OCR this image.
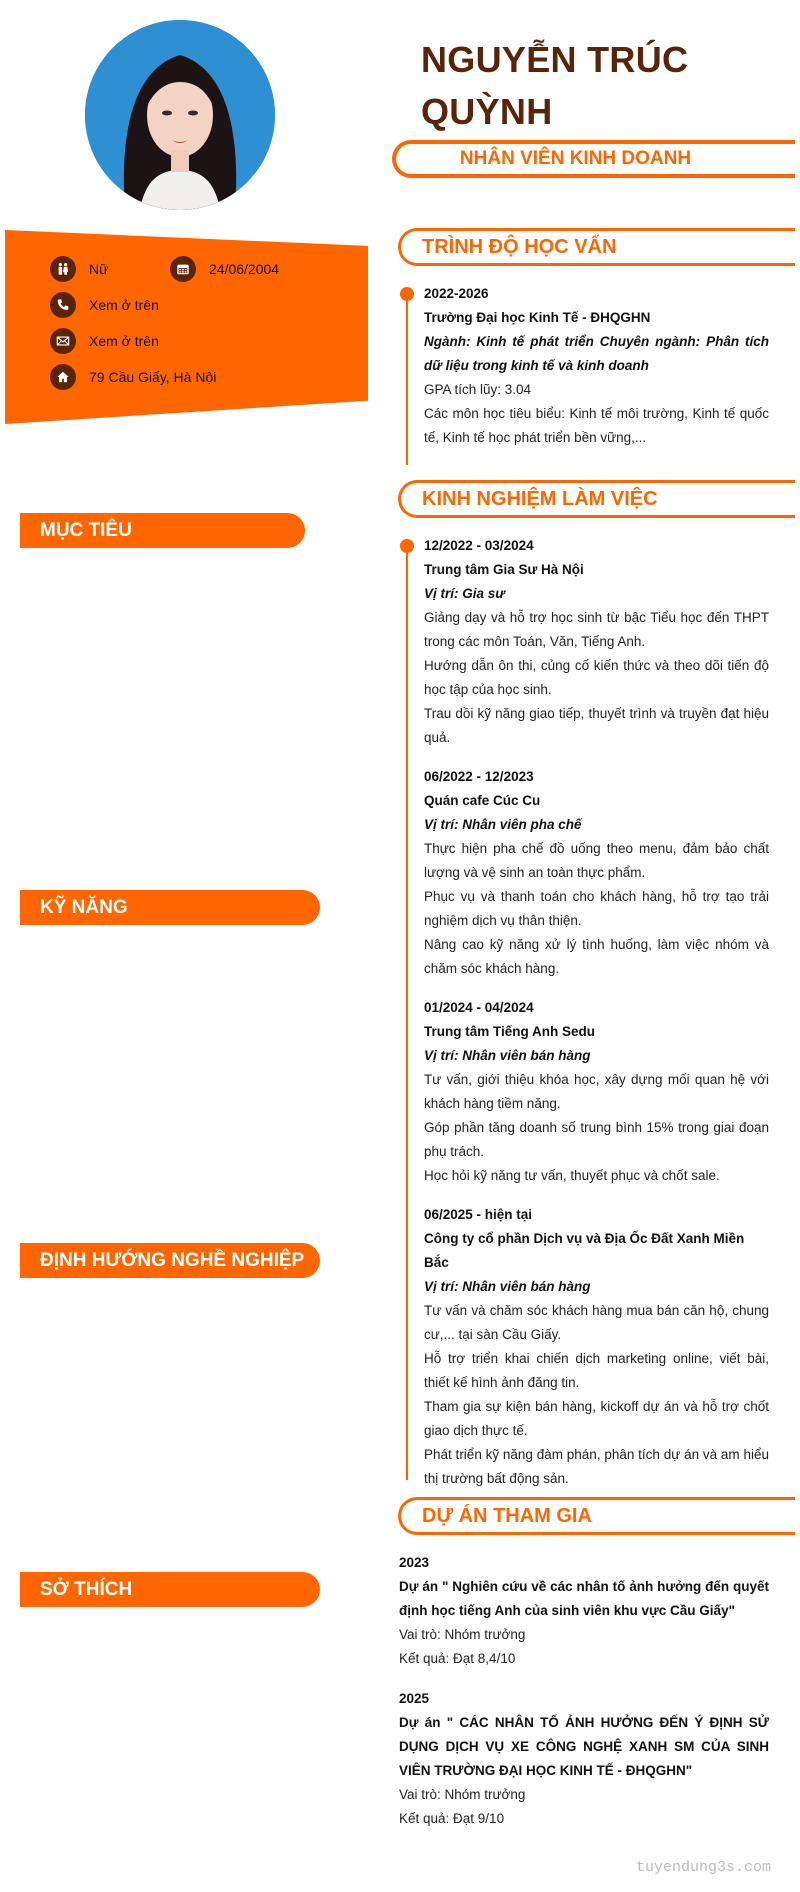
NGUYỄN TRÚC QUỲNH
NHÂN VIÊN KINH DOANH
Nữ	24/06/2004
Xem ở trên
Xem ở trên
79 Cầu Giấy, Hà Nội
MỤC TIÊU
KỸ NĂNG
ĐỊNH HƯỚNG NGHỀ NGHIỆP
SỞ THÍCH
TRÌNH ĐỘ HỌC VẤN
2022-2026
Trường Đại học Kinh Tế - ĐHQGHN
Ngành: Kinh tế phát triển Chuyên ngành: Phân tích dữ liệu trong kinh tế và kinh doanh
GPA tích lũy: 3.04
Các môn học tiêu biểu: Kinh tế môi trường, Kinh tế quốc tế, Kinh tế học phát triển bền vững,...
KINH NGHIỆM LÀM VIỆC
12/2022 - 03/2024
Trung tâm Gia Sư Hà Nội
Vị trí: Gia sư
Giảng dạy và hỗ trợ học sinh từ bậc Tiểu học đến THPT trong các môn Toán, Văn, Tiếng Anh.
Hướng dẫn ôn thi, củng cố kiến thức và theo dõi tiến độ học tập của học sinh.
Trau dồi kỹ năng giao tiếp, thuyết trình và truyền đạt hiệu quả.
06/2022 - 12/2023
Quán cafe Cúc Cu
Vị trí: Nhân viên pha chế
Thực hiện pha chế đồ uống theo menu, đảm bảo chất lượng và vệ sinh an toàn thực phẩm.
Phục vụ và thanh toán cho khách hàng, hỗ trợ tạo trải nghiệm dịch vụ thân thiện.
Nâng cao kỹ năng xử lý tình huống, làm việc nhóm và chăm sóc khách hàng.
01/2024 - 04/2024
Trung tâm Tiếng Anh Sedu
Vị trí: Nhân viên bán hàng
Tư vấn, giới thiệu khóa học, xây dựng mối quan hệ với khách hàng tiềm năng.
Góp phần tăng doanh số trung bình 15% trong giai đoạn phụ trách.
Học hỏi kỹ năng tư vấn, thuyết phục và chốt sale.
06/2025 - hiện tại
Công ty cổ phần Dịch vụ và Địa Ốc Đất Xanh Miền Bắc
Vị trí: Nhân viên bán hàng
Tư vấn và chăm sóc khách hàng mua bán căn hộ, chung cư,... tại sàn Cầu Giấy.
Hỗ trợ triển khai chiến dịch marketing online, viết bài, thiết kế hình ảnh đăng tin.
Tham gia sự kiện bán hàng, kickoff dự án và hỗ trợ chốt giao dịch thực tế.
Phát triển kỹ năng đàm phán, phân tích dự án và am hiểu thị trường bất động sản.
DỰ ÁN THAM GIA
2023
Dự án " Nghiên cứu về các nhân tố ảnh hưởng đến quyết định học tiếng Anh của sinh viên khu vực Cầu Giấy"
Vai trò: Nhóm trưởng
Kết quả: Đạt 8,4/10
2025
Dự án " CÁC NHÂN TỐ ẢNH HƯỞNG ĐẾN Ý ĐỊNH SỬ DỤNG DỊCH VỤ XE CÔNG NGHỆ XANH SM CỦA SINH VIÊN TRƯỜNG ĐẠI HỌC KINH TẾ - ĐHQGHN"
Vai trò: Nhóm trưởng
Kết quả: Đạt 9/10
tuyendung3s.com
